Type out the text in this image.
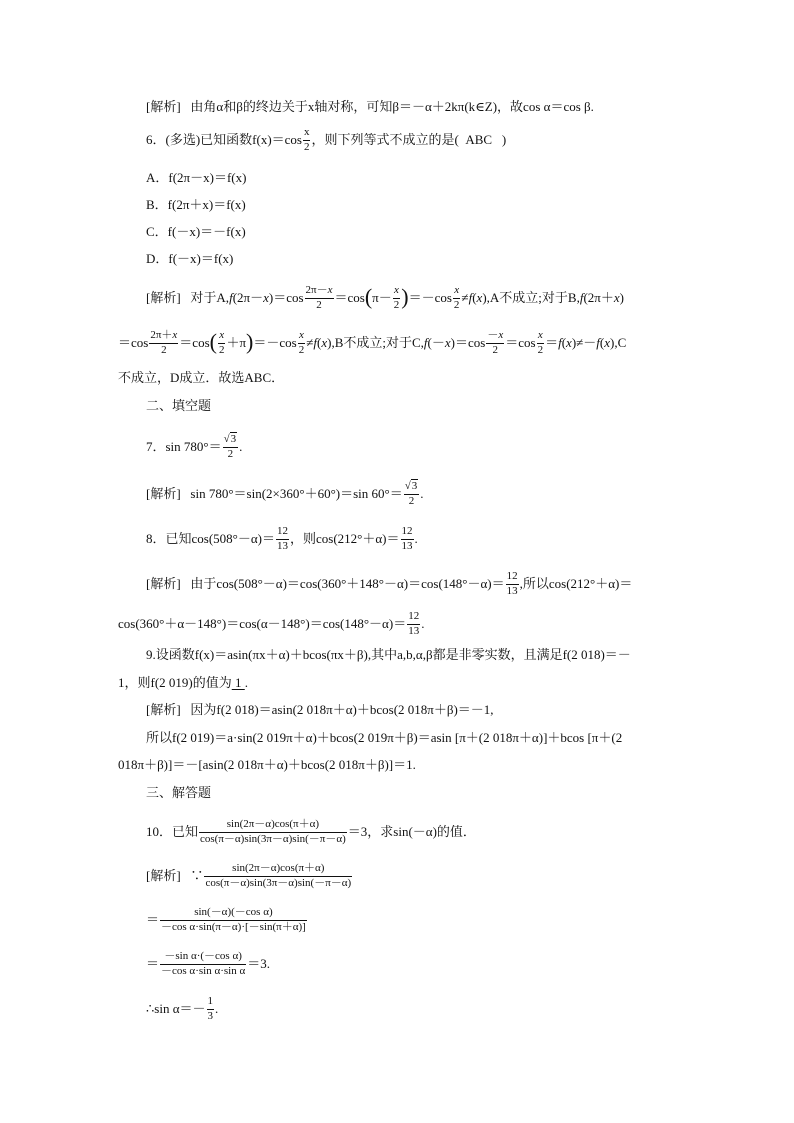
[解析] 由角α和β的终边关于x轴对称，可知β＝－α＋2kπ(k∈Z)，故cos α＝cos β.
6．(多选)已知函数$f(x)=\cos \frac{x}{2}$ ，则下列等式不成立的是( ABC )
A．f(2π－x)＝f(x)
B．f(2π＋x)＝f(x)
C．f(－x)＝－f(x)
D．f(－x)＝f(x)
[解析]   对于$A,f(2\pi-x)=\cos \frac{2\pi-x}{2} =\cos(\pi- \frac{x}{2} )=-\cos \frac{x}{2} \ne f(x),A$不成立;对于B,f(2π＋x)
$=\cos \frac{2\pi+x}{2} =\cos( \frac{x}{2} +\pi)=-\cos \frac{x}{2} \ne f(x),B$不成立;对于$C,f(-x)=\cos \frac{-x}{2} =\cos \frac{x}{2} =f(x)\ne-f(x),C$
不成立，D成立．故选ABC．
二、填空题
7．$\sin 780^\circ= \frac{√3}{2}$ .
[解析] sin 780°＝sin(2×360°＋60°)＝sin $60^\circ= \frac{√3}{2}$ .
8．已知$\cos(508^\circ-\alpha)= \frac{12}{13}$ ，则$\cos(212^\circ+\alpha)= \frac{12}{13}$ .
[解析] 由于$\cos(508^\circ-\alpha)=\cos(360^\circ+148^\circ-\alpha)=\cos(148^\circ-\alpha)= \frac{12}{13}$ ,所以cos(212°＋α)＝
$\cos(360^\circ+\alpha-148^\circ)=\cos(\alpha-148^\circ)=\cos(148^\circ-\alpha)= \frac{12}{13}$ .
9.设函数f(x)＝asin(πx＋α)＋bcos(πx＋β),其中a,b,α,β都是非零实数，且满足f(2 018)＝－
1，则f(2 019)的值为 1 .
[解析] 因为f(2 018)＝asin(2 018π＋α)＋bcos(2 018π＋β)＝－1,
所以f(2 019)＝a·sin(2 019π＋α)＋bcos(2 019π＋β)＝asin [π＋(2 018π＋α)]＋bcos [π＋(2
018π＋β)]＝－[asin(2 018π＋α)＋bcos(2 018π＋β)]＝1.
三、解答题
10．已知 $\frac{\sin(2\pi-\alpha)\cos(\pi+\alpha)}{\cos(\pi-\alpha)\sin(3\pi-\alpha)\sin(-\pi-\alpha)} =3$，求sin(－α)的值．
[解析] ∵ $\frac{\sin(2\pi-\alpha)\cos(\pi+\alpha)}{\cos(\pi-\alpha)\sin(3\pi-\alpha)\sin(-\pi-\alpha)}$
＝ $\frac{\text{sin(－α)(－cos α)}}{\text{－cos α·sin(π－α)·[－sin(π＋α)]}}$
＝ $\frac{\text{－sin α·(－cos α)}}{\text{－cos α·sin α·sin α}} =3$.
∴sin $\alpha=- \frac{1}{3}$ .
